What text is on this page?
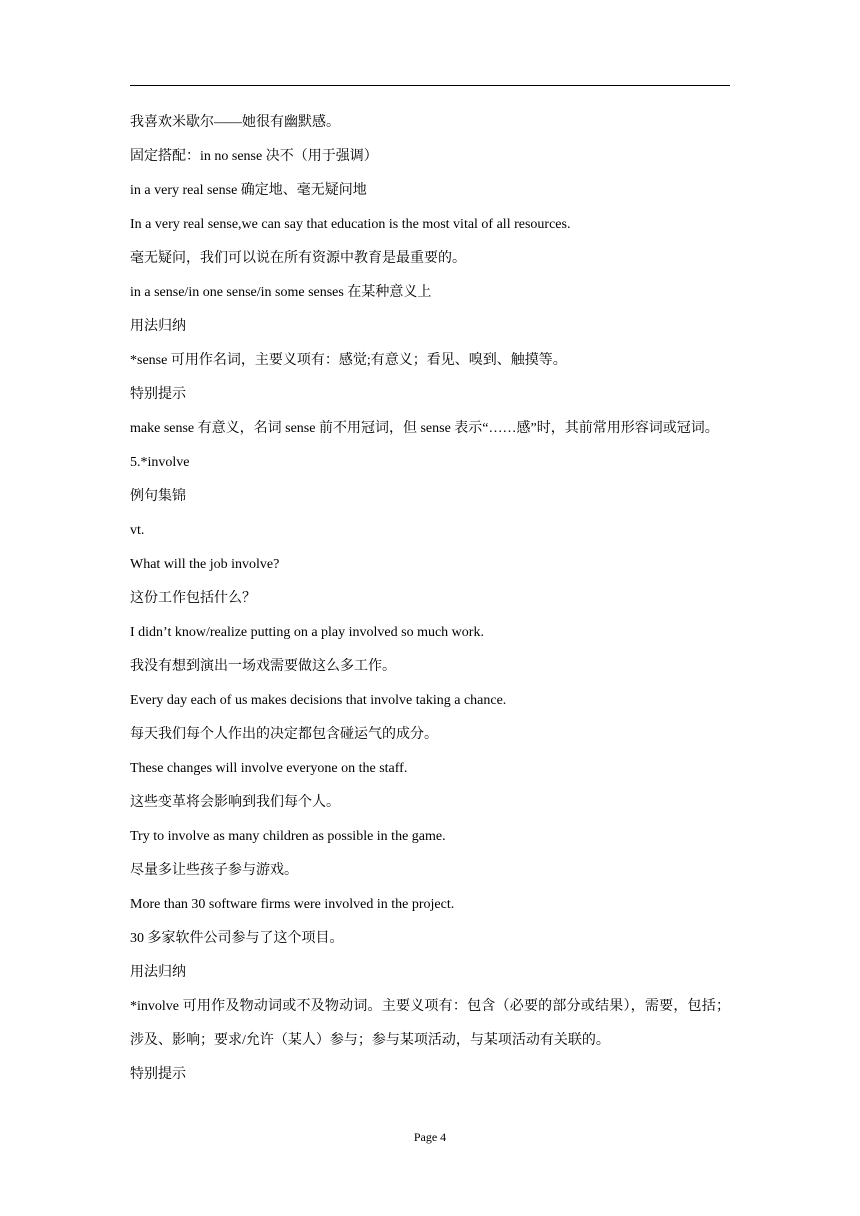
我喜欢米歇尔——她很有幽默感。

固定搭配：in no sense 决不（用于强调）

in a very real sense 确定地、毫无疑问地

In a very real sense,we can say that education is the most vital of all resources.

毫无疑问，我们可以说在所有资源中教育是最重要的。

in a sense/in one sense/in some senses 在某种意义上

用法归纳

*sense 可用作名词，主要义项有：感觉;有意义；看见、嗅到、触摸等。

特别提示

make sense 有意义，名词 sense 前不用冠词，但 sense 表示“……感”时，其前常用形容词或冠词。

5.*involve

例句集锦

vt.

What will the job involve?

这份工作包括什么？

I didn’t know/realize putting on a play involved so much work.

我没有想到演出一场戏需要做这么多工作。

Every day each of us makes decisions that involve taking a chance.

每天我们每个人作出的决定都包含碰运气的成分。

These changes will involve everyone on the staff.

这些变革将会影响到我们每个人。

Try to involve as many children as possible in the game.

尽量多让些孩子参与游戏。

More than 30 software firms were involved in the project.

30 多家软件公司参与了这个项目。

用法归纳

*involve 可用作及物动词或不及物动词。主要义项有：包含（必要的部分或结果），需要，包括；涉及、影响；要求/允许（某人）参与；参与某项活动，与某项活动有关联的。

特别提示

Page 4
